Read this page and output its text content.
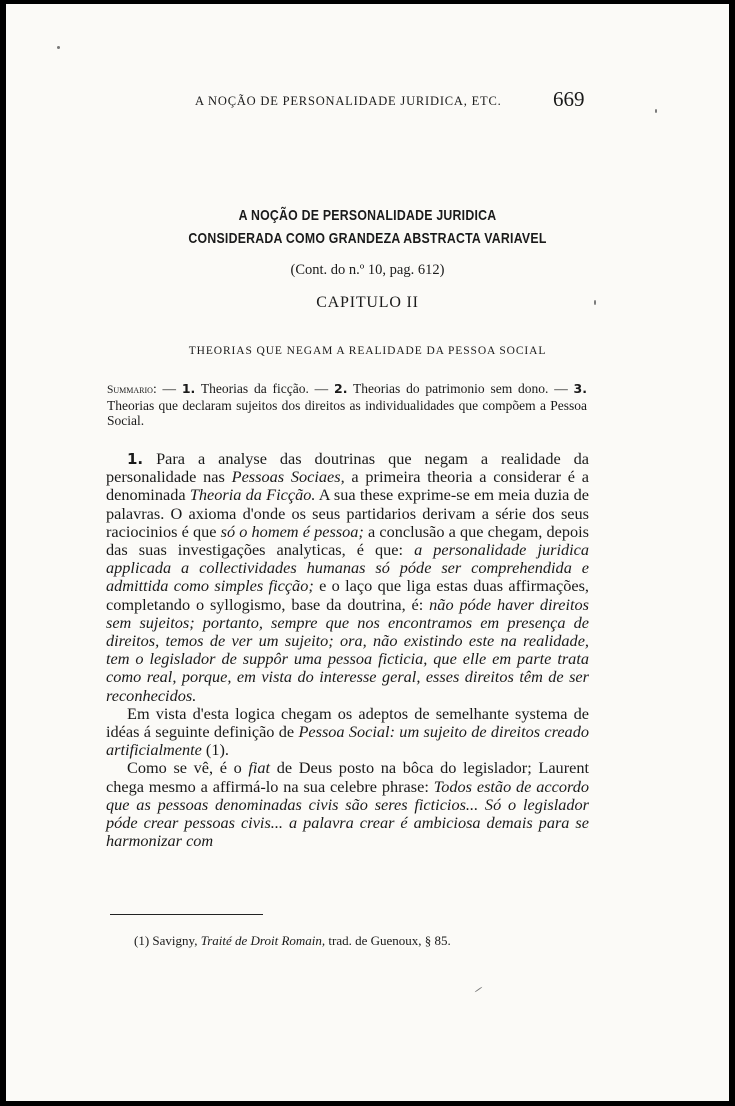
A NOÇÃO DE PERSONALIDADE JURIDICA, ETC. 669
A NOÇÃO DE PERSONALIDADE JURIDICA
CONSIDERADA COMO GRANDEZA ABSTRACTA VARIAVEL
(Cont. do n.º 10, pag. 612)
CAPITULO II
THEORIAS QUE NEGAM A REALIDADE DA PESSOA SOCIAL
Summario: — 1. Theorias da ficção. — 2. Theorias do patrimonio sem dono. — 3. Theorias que declaram sujeitos dos direitos as individualidades que compõem a Pessoa Social.

1. Para a analyse das doutrinas que negam a realidade da personalidade nas Pessoas Sociaes, a primeira theoria a considerar é a denominada Theoria da Ficção. A sua these exprime-se em meia duzia de palavras. O axioma d'onde os seus partidarios derivam a série dos seus raciocinios é que só o homem é pessoa; a conclusão a que chegam, depois das suas investigações analyticas, é que: a personalidade juridica applicada a collectividades humanas só póde ser comprehendida e admittida como simples ficção; e o laço que liga estas duas affirmações, completando o syllogismo, base da doutrina, é: não póde haver direitos sem sujeitos; portanto, sempre que nos encontramos em presença de direitos, temos de ver um sujeito; ora, não existindo este na realidade, tem o legislador de suppôr uma pessoa ficticia, que elle em parte trata como real, porque, em vista do interesse geral, esses direitos têm de ser reconhecidos.

Em vista d'esta logica chegam os adeptos de semelhante systema de idéas á seguinte definição de Pessoa Social: um sujeito de direitos creado artificialmente (1).

Como se vê, é o fiat de Deus posto na bôca do legislador; Laurent chega mesmo a affirmá-lo na sua celebre phrase: Todos estão de accordo que as pessoas denominadas civis são seres ficticios... Só o legislador póde crear pessoas civis... a palavra crear é ambiciosa demais para se harmonizar com

(1) Savigny, Traité de Droit Romain, trad. de Guenoux, § 85.
